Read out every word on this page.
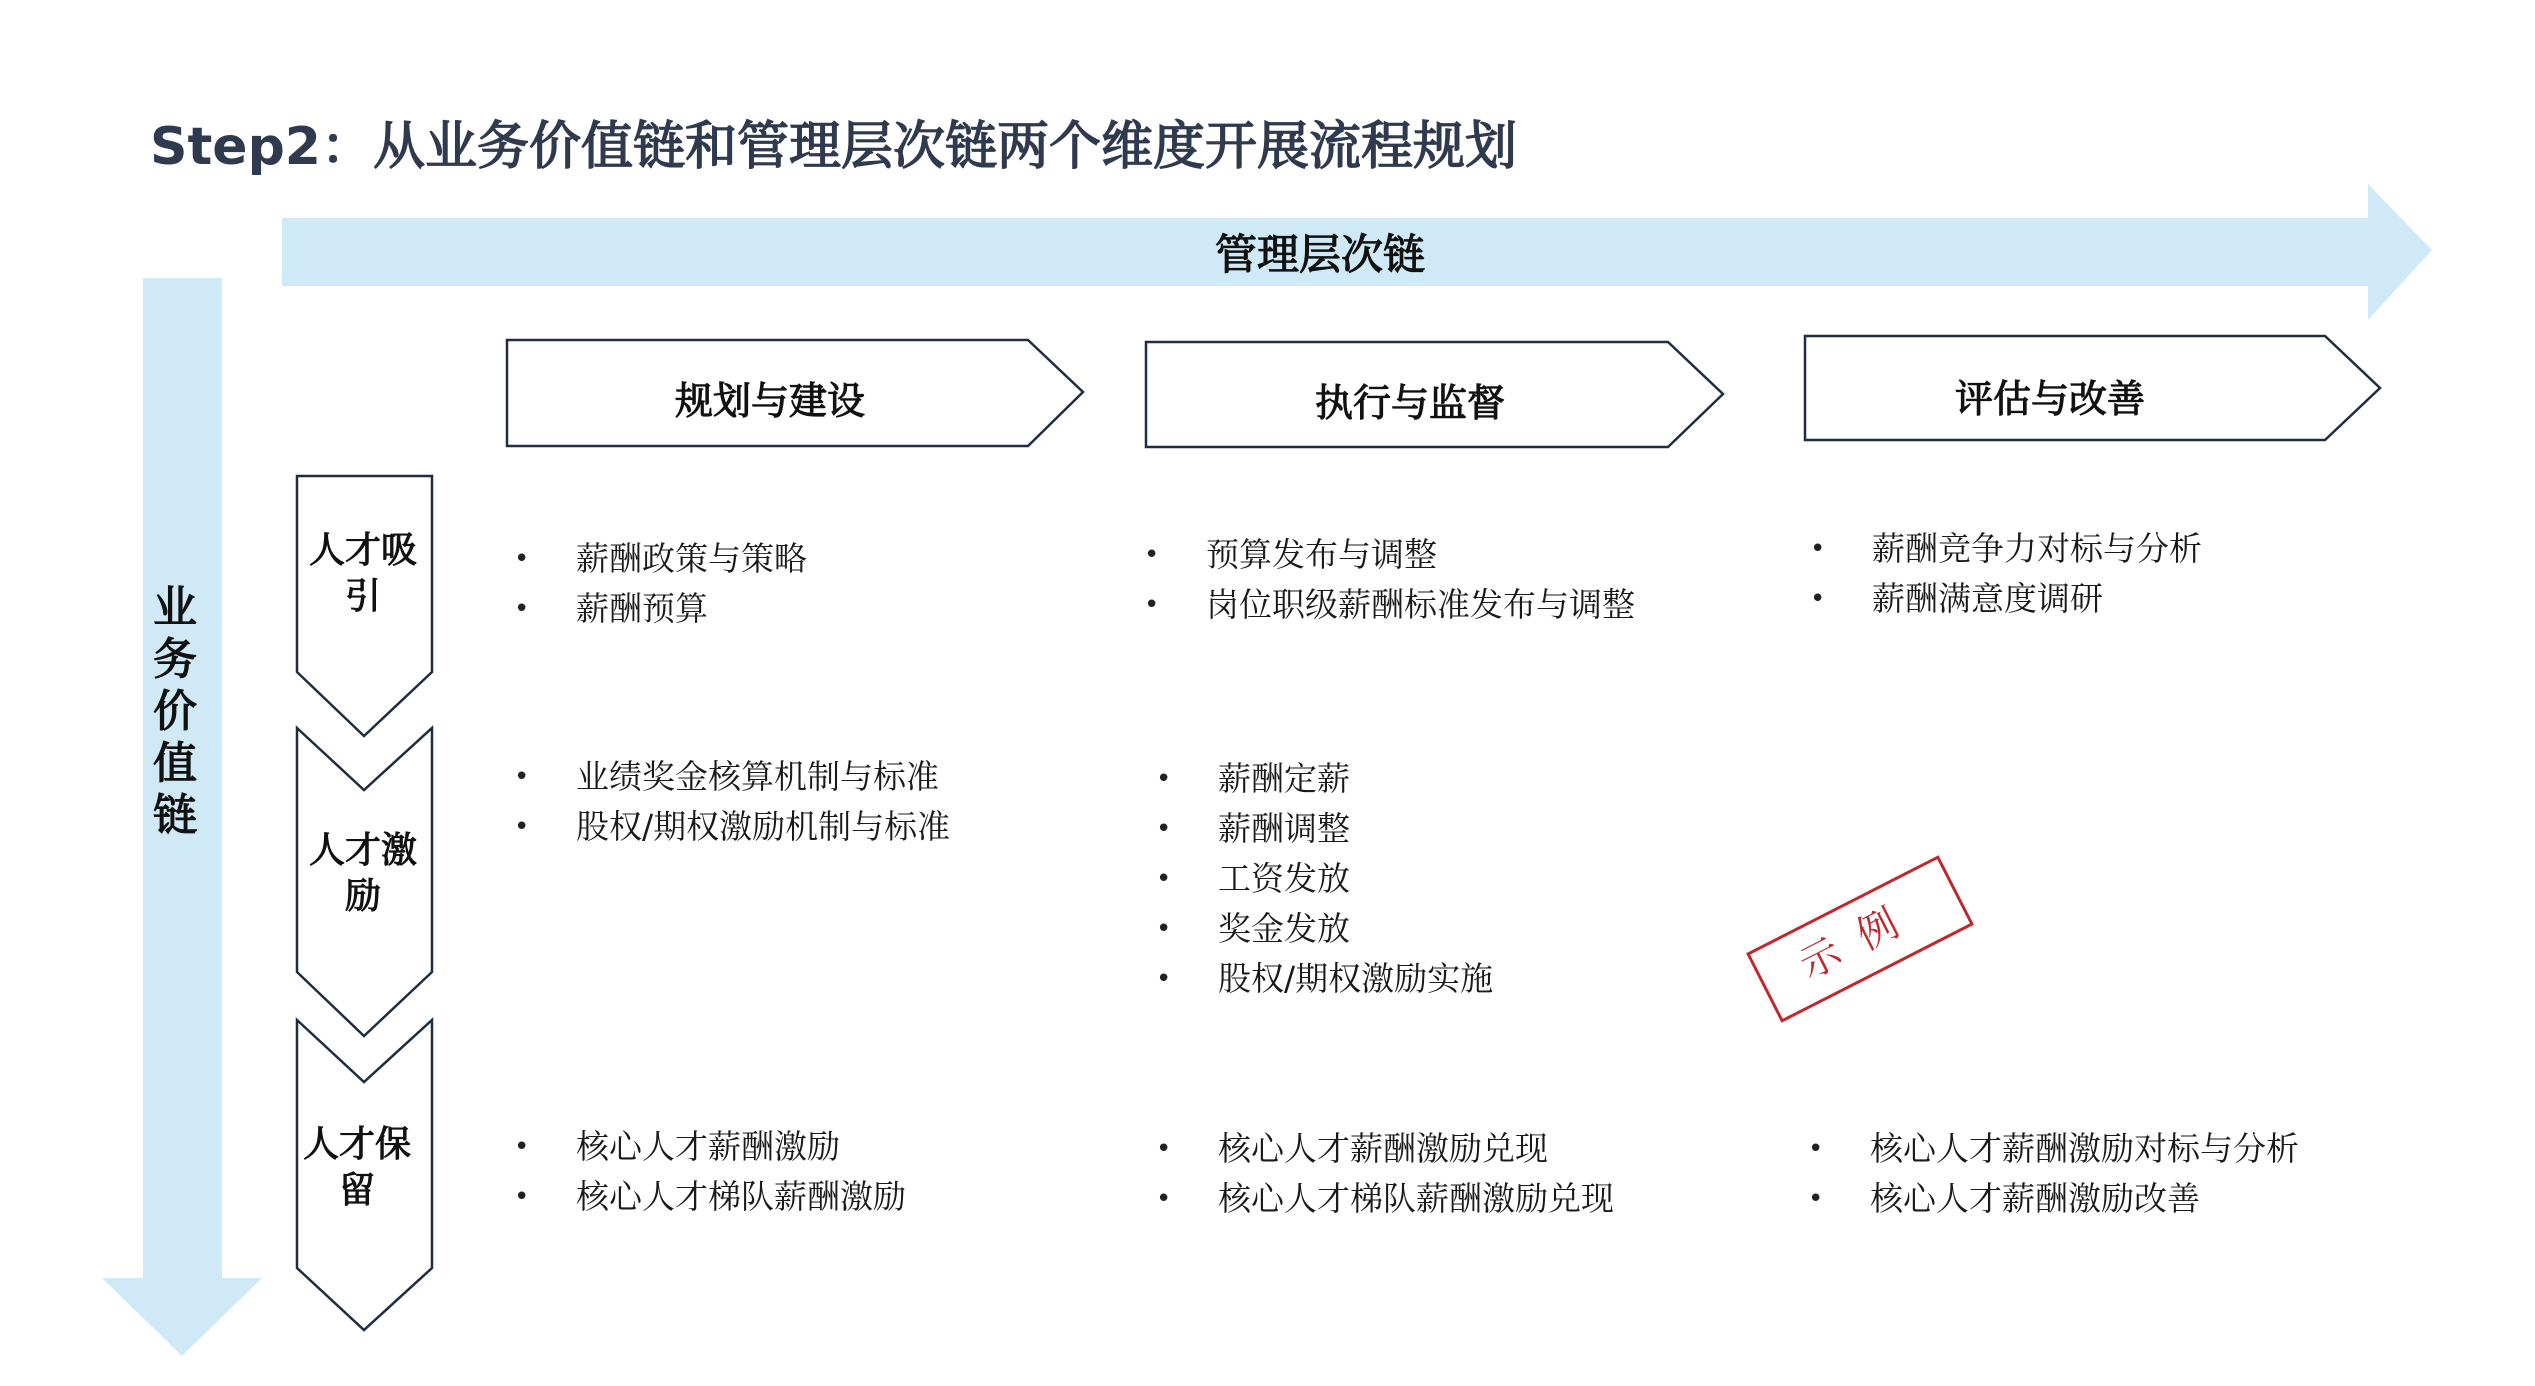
Step2：从业务价值链和管理层次链两个维度开展流程规划
管理层次链
业务价值链
规划与建设	执行与监督	评估与改善
人才吸引
人才激励
人才保留
• 薪酬政策与策略
• 薪酬预算
• 预算发布与调整
• 岗位职级薪酬标准发布与调整
• 薪酬竞争力对标与分析
• 薪酬满意度调研
• 业绩奖金核算机制与标准
• 股权/期权激励机制与标准
• 薪酬定薪
• 薪酬调整
• 工资发放
• 奖金发放
• 股权/期权激励实施
• 核心人才薪酬激励
• 核心人才梯队薪酬激励
• 核心人才薪酬激励兑现
• 核心人才梯队薪酬激励兑现
• 核心人才薪酬激励对标与分析
• 核心人才薪酬激励改善
示例
